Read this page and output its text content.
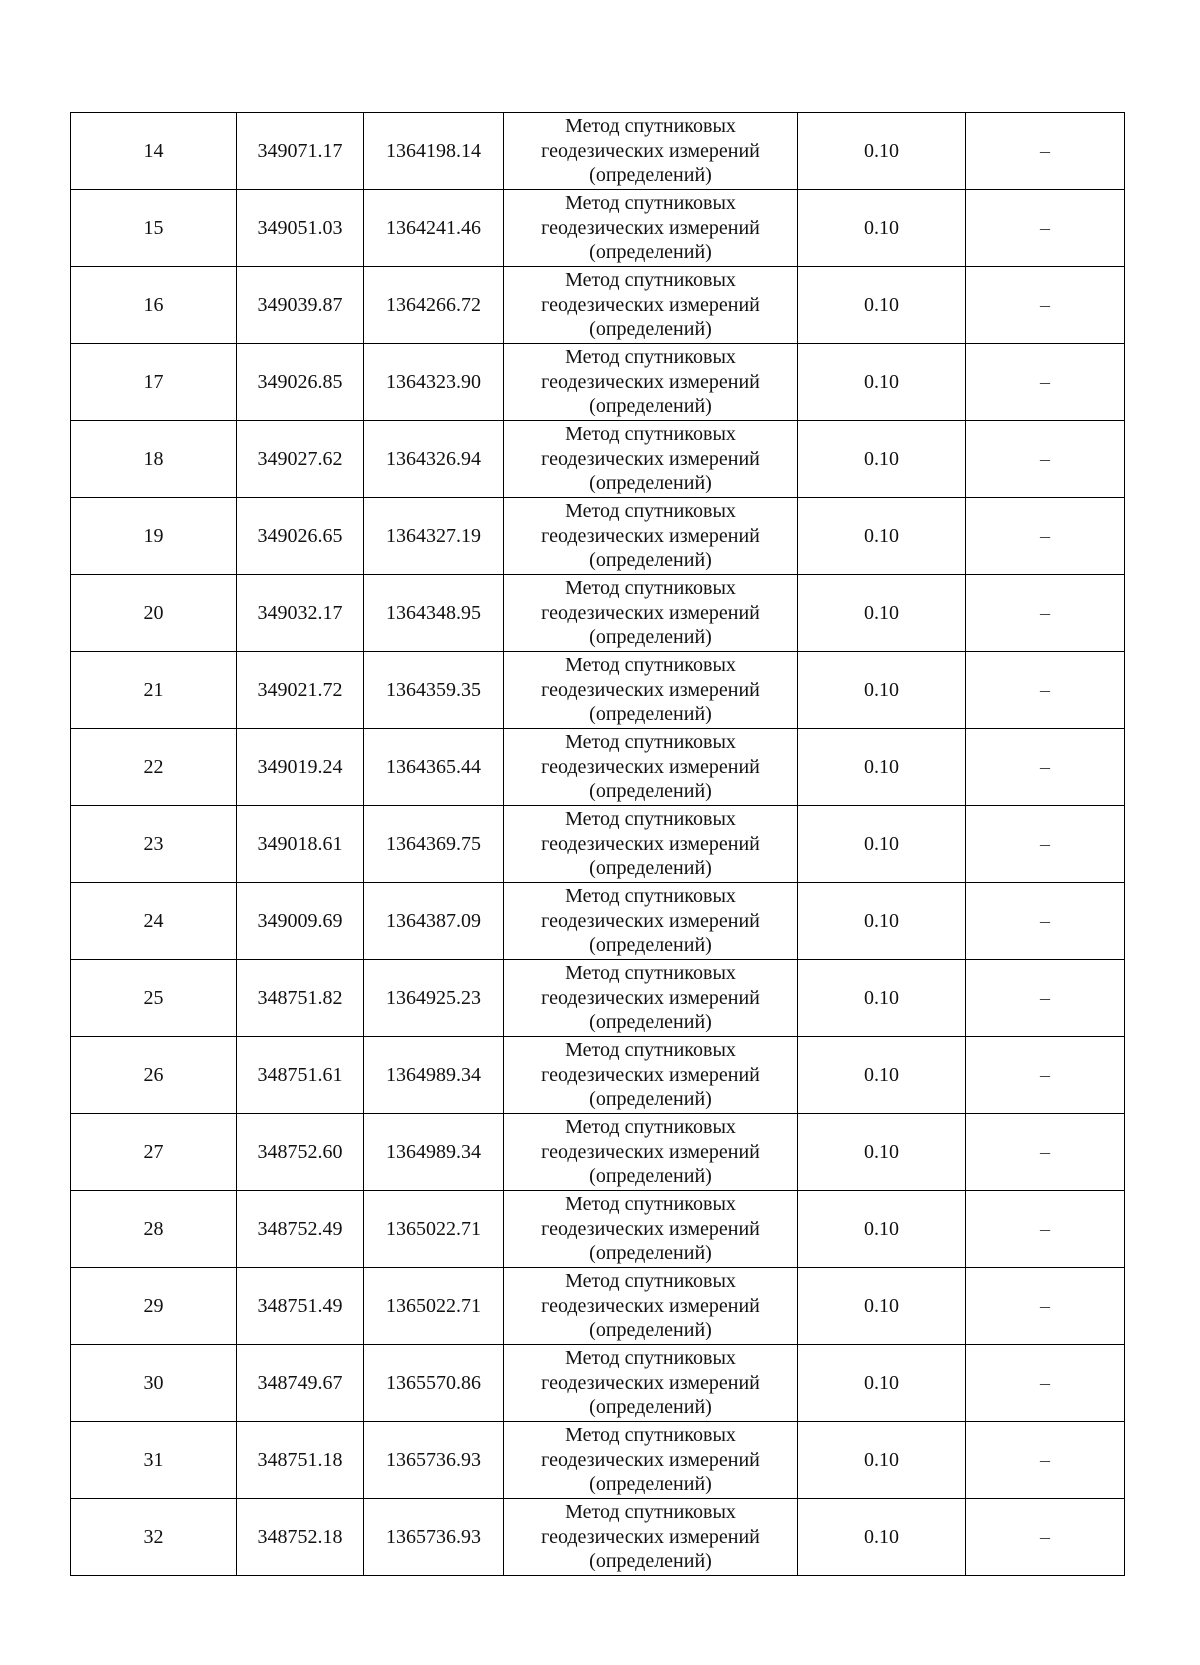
14	349071.17	1364198.14	Метод спутниковых
геодезических измерений
(определений)	0.10	–
15	349051.03	1364241.46	Метод спутниковых
геодезических измерений
(определений)	0.10	–
16	349039.87	1364266.72	Метод спутниковых
геодезических измерений
(определений)	0.10	–
17	349026.85	1364323.90	Метод спутниковых
геодезических измерений
(определений)	0.10	–
18	349027.62	1364326.94	Метод спутниковых
геодезических измерений
(определений)	0.10	–
19	349026.65	1364327.19	Метод спутниковых
геодезических измерений
(определений)	0.10	–
20	349032.17	1364348.95	Метод спутниковых
геодезических измерений
(определений)	0.10	–
21	349021.72	1364359.35	Метод спутниковых
геодезических измерений
(определений)	0.10	–
22	349019.24	1364365.44	Метод спутниковых
геодезических измерений
(определений)	0.10	–
23	349018.61	1364369.75	Метод спутниковых
геодезических измерений
(определений)	0.10	–
24	349009.69	1364387.09	Метод спутниковых
геодезических измерений
(определений)	0.10	–
25	348751.82	1364925.23	Метод спутниковых
геодезических измерений
(определений)	0.10	–
26	348751.61	1364989.34	Метод спутниковых
геодезических измерений
(определений)	0.10	–
27	348752.60	1364989.34	Метод спутниковых
геодезических измерений
(определений)	0.10	–
28	348752.49	1365022.71	Метод спутниковых
геодезических измерений
(определений)	0.10	–
29	348751.49	1365022.71	Метод спутниковых
геодезических измерений
(определений)	0.10	–
30	348749.67	1365570.86	Метод спутниковых
геодезических измерений
(определений)	0.10	–
31	348751.18	1365736.93	Метод спутниковых
геодезических измерений
(определений)	0.10	–
32	348752.18	1365736.93	Метод спутниковых
геодезических измерений
(определений)	0.10	–
